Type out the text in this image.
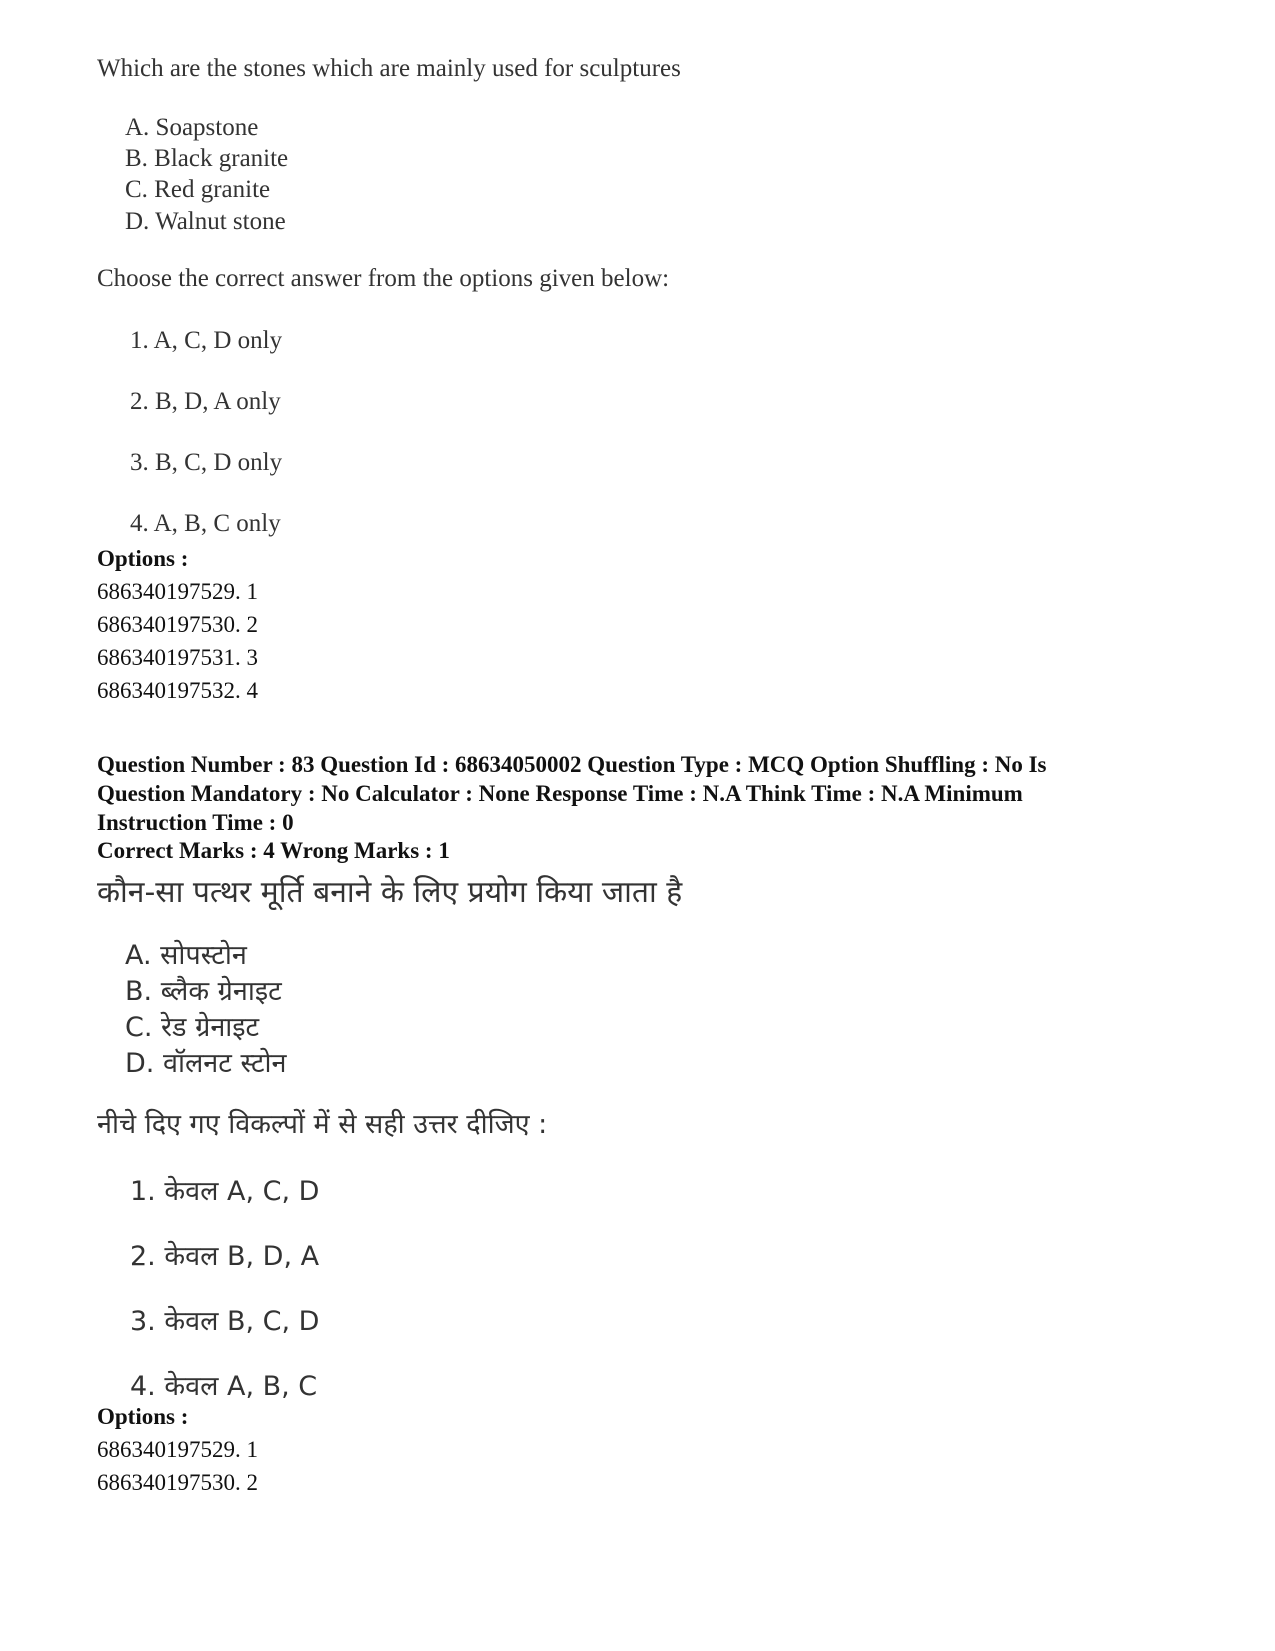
Which are the stones which are mainly used for sculptures
A. Soapstone
B. Black granite
C. Red granite
D. Walnut stone
Choose the correct answer from the options given below:
1. A, C, D only
2. B, D, A only
3. B, C, D only
4. A, B, C only
Options :
686340197529. 1
686340197530. 2
686340197531. 3
686340197532. 4
Question Number : 83 Question Id : 68634050002 Question Type : MCQ Option Shuffling : No Is
Question Mandatory : No Calculator : None Response Time : N.A Think Time : N.A Minimum
Instruction Time : 0
Correct Marks : 4 Wrong Marks : 1
कौन-सा पत्थर मूर्ति बनाने के लिए प्रयोग किया जाता है
A. सोपस्टोन
B. ब्लैक ग्रेनाइट
C. रेड ग्रेनाइट
D. वॉलनट स्टोन
नीचे दिए गए विकल्पों में से सही उत्तर दीजिए :
1. केवल A, C, D
2. केवल B, D, A
3. केवल B, C, D
4. केवल A, B, C
Options :
686340197529. 1
686340197530. 2
